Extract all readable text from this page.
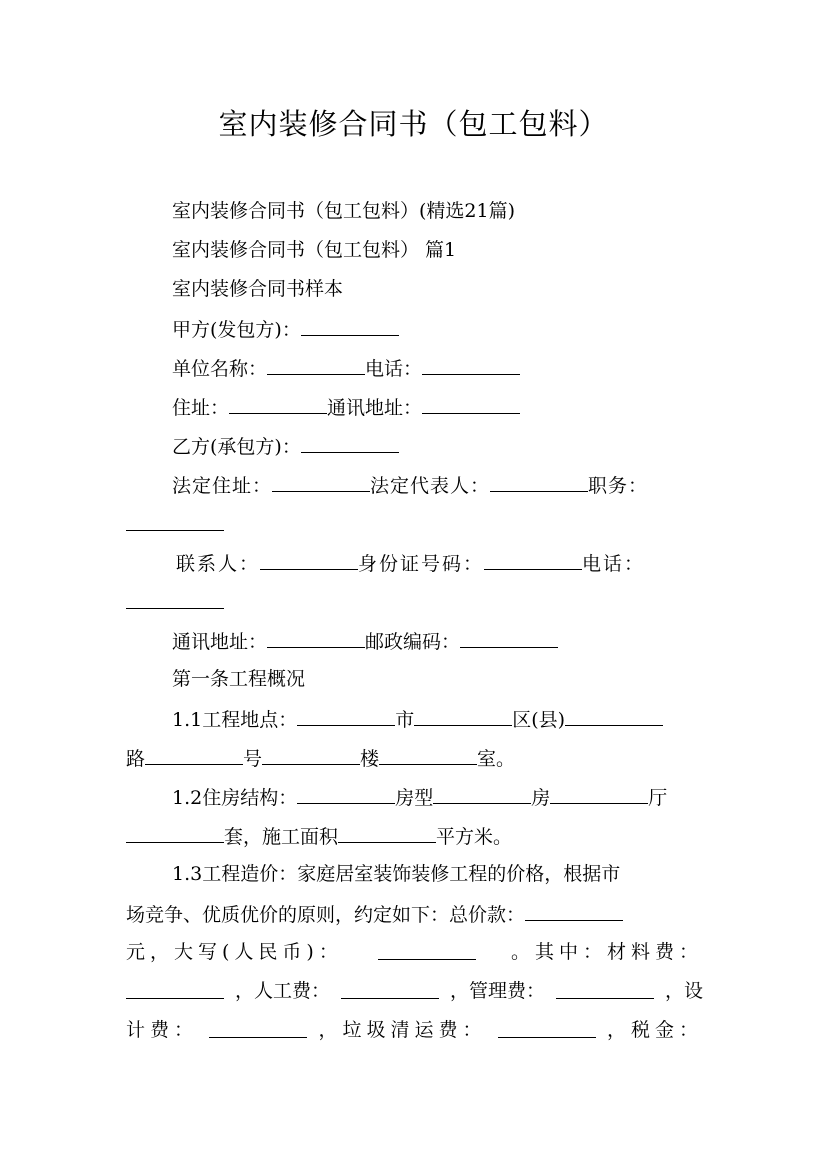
室内装修合同书（包工包料）
室内装修合同书（包工包料）(精选21篇)
室内装修合同书（包工包料） 篇1
室内装修合同书样本
甲方(发包方)：
单位名称：	电话：
住址：	通讯地址：
乙方(承包方)：
法定住址：	法定代表人：	职务：
联系人：	身份证号码：	电话：
通讯地址：	邮政编码：
第一条工程概况
1.1工程地点：	市	区(县)
路	号	楼	室。
1.2住房结构：	房型	房	厅
套，施工面积	平方米。
1.3工程造价：家庭居室装饰装修工程的价格，根据市
场竞争、优质优价的原则，约定如下：总价款：
元，大写(人民币)：	。其中：材料费：
，人工费：	，管理费：	，设
计费：	，垃圾清运费：	，税金：
